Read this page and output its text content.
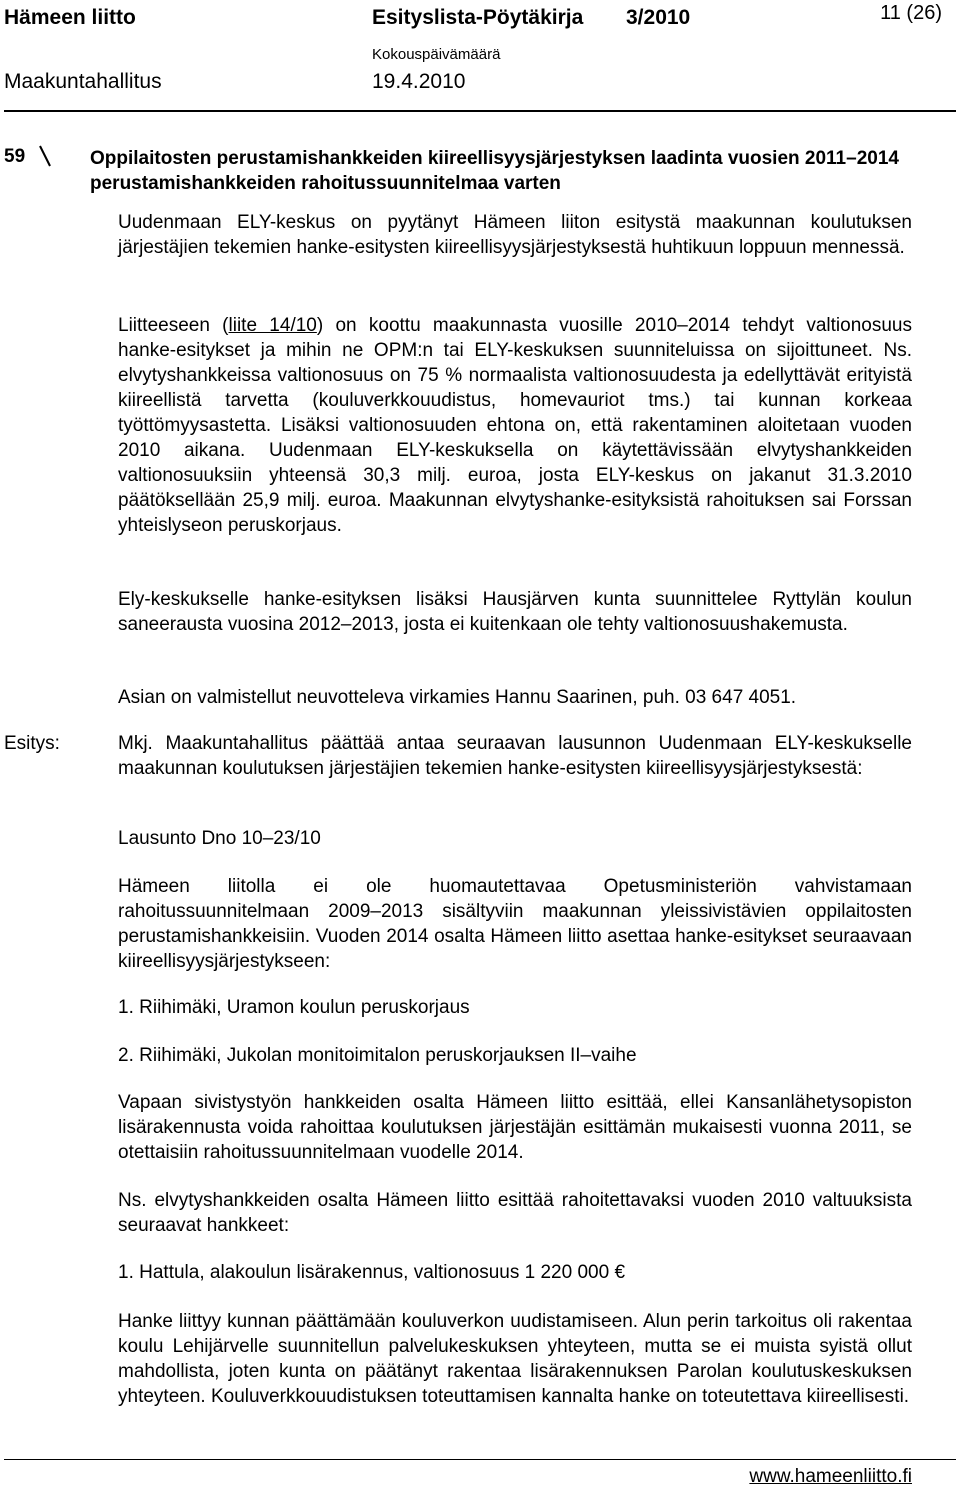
Hämeen liitto	Esityslista-Pöytäkirja 3/2010	11 (26)
Maakuntahallitus
Kokouspäivämäärä
19.4.2010
59	Oppilaitosten perustamishankkeiden kiireellisyysjärjestyksen laadinta vuosien 2011–2014 perustamishankkeiden rahoitussuunnitelmaa varten
Uudenmaan ELY-keskus on pyytänyt Hämeen liiton esitystä maakunnan koulutuksen järjestäjien tekemien hanke-esitysten kiireellisyysjärjestyksestä huhtikuun loppuun mennessä.
Liitteeseen (liite 14/10) on koottu maakunnasta vuosille 2010–2014 tehdyt valtionosuus hanke-esitykset ja mihin ne OPM:n tai ELY-keskuksen suunniteluissa on sijoittuneet. Ns. elvytyshankkeissa valtionosuus on 75 % normaalista valtionosuudesta ja edellyttävät erityistä kiireellistä tarvetta (kouluverkkouudistus, homevauriot tms.) tai kunnan korkeaa työttömyysastetta. Lisäksi valtionosuuden ehtona on, että rakentaminen aloitetaan vuoden 2010 aikana. Uudenmaan ELY-keskuksella on käytettävissään elvytyshankkeiden valtionosuuksiin yhteensä 30,3 milj. euroa, josta ELY-keskus on jakanut 31.3.2010 päätöksellään 25,9 milj. euroa. Maakunnan elvytyshanke-esityksistä rahoituksen sai Forssan yhteislyseon peruskorjaus.
Ely-keskukselle hanke-esityksen lisäksi Hausjärven kunta suunnittelee Ryttylän koulun saneerausta vuosina 2012–2013, josta ei kuitenkaan ole tehty valtionosuushakemusta.
Asian on valmistellut neuvotteleva virkamies Hannu Saarinen, puh. 03 647 4051.
Esitys:	Mkj. Maakuntahallitus päättää antaa seuraavan lausunnon Uudenmaan ELY-keskukselle maakunnan koulutuksen järjestäjien tekemien hanke-esitysten kiireellisyysjärjestyksestä:
Lausunto Dno 10–23/10
Hämeen liitolla ei ole huomautettavaa Opetusministeriön vahvistamaan rahoitussuunnitelmaan 2009–2013 sisältyviin maakunnan yleissivistävien oppilaitosten perustamishankkeisiin. Vuoden 2014 osalta Hämeen liitto asettaa hanke-esitykset seuraavaan kiireellisyysjärjestykseen:
1. Riihimäki, Uramon koulun peruskorjaus
2. Riihimäki, Jukolan monitoimitalon peruskorjauksen II–vaihe
Vapaan sivistystyön hankkeiden osalta Hämeen liitto esittää, ellei Kansanlähetysopiston lisärakennusta voida rahoittaa koulutuksen järjestäjän esittämän mukaisesti vuonna 2011, se otettaisiin rahoitussuunnitelmaan vuodelle 2014.
Ns. elvytyshankkeiden osalta Hämeen liitto esittää rahoitettavaksi vuoden 2010 valtuuksista seuraavat hankkeet:
1. Hattula, alakoulun lisärakennus, valtionosuus 1 220 000 €
Hanke liittyy kunnan päättämään kouluverkon uudistamiseen. Alun perin tarkoitus oli rakentaa koulu Lehijärvelle suunnitellun palvelukeskuksen yhteyteen, mutta se ei muista syistä ollut mahdollista, joten kunta on päätänyt rakentaa lisärakennuksen Parolan koulutuskeskuksen yhteyteen. Kouluverkkouudistuksen toteuttamisen kannalta hanke on toteutettava kiireellisesti.
www.hameenliitto.fi
